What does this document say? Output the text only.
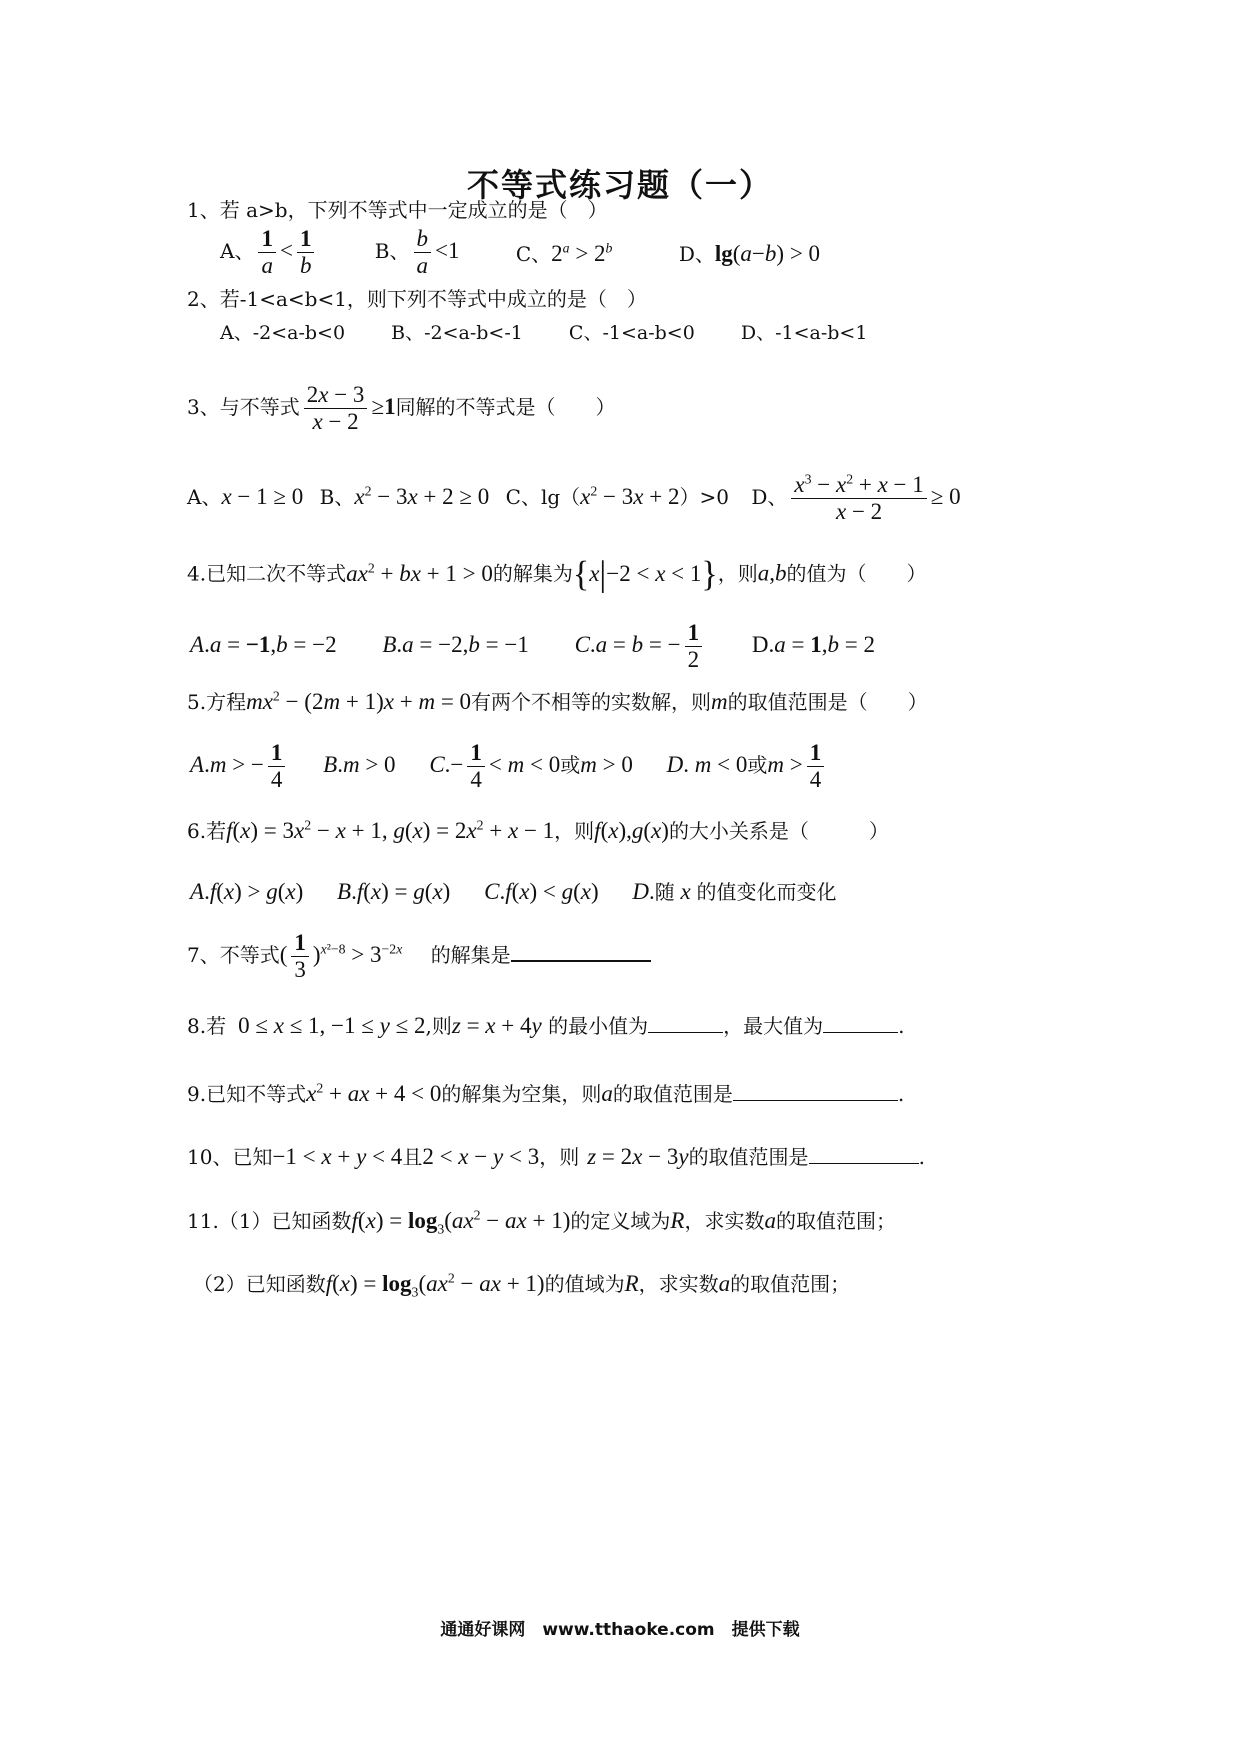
不等式练习题（一）
1、若 a>b，下列不等式中一定成立的是（　）
A、 $\frac{1}{a} < \frac{1}{b}$	B、 $\frac{b}{a} <1$	C、$2^a > 2^b$	D、lg(a−b) > 0
2、若-1<a<b<1，则下列不等式中成立的是（　）
A、-2<a-b<0 B、-2<a-b<-1 C、-1<a-b<0 D、-1<a-b<1
3、与不等式 $\frac{2x - 3}{x - 2} \ge 1$同解的不等式是（　　）
A、x − 1 ≥ 0 B、$x^2 - 3x + 2 \ge 0$ C、$\lg(x^2 - 3x + 2)>0$ D、 $\frac{x^3 - x^2 + x - 1}{x - 2} \ge 0$
4.已知二次不等式$ax^2$ + bx + 1 > 0的解集为{x|−2 < x < 1}，则a,b的值为（　　）
A.a = −1,b = −2 B.a = −2,b = −1 C.a = b = − $\frac{1}{2} D.a = 1,b = 2$
5.方程$mx^2 - (2m + 1)x + m = 0$有两个不相等的实数解，则m的取值范围是（　　）
A.m > − $\frac{1}{4} B.m > 0$ $C.- \frac{1}{4} < m < 0$或m > 0 D. m < 0或$m > \frac{1}{4}$
6.若$f(x) = 3x^2 - x + 1$, $g(x) = 2x^2 + x - 1$，则f(x),g(x)的大小关系是（　　　）
A.f(x) > g(x) B.f(x) = g(x) C.f(x) < g(x) D.随 x 的值变化而变化
7、不等式( $\frac{1}{3} )^{x^2-8} > 3^{-2x}$ 的解集是
8.若 0 ≤ x ≤ 1, −1 ≤ y ≤ 2,则z = x + 4y 的最小值为	，最大值为	.
9.已知不等式$x^2$ + ax + 4 < 0的解集为空集，则a的取值范围是	.
10、已知−1 < x + y < 4且2 < x − y < 3，则 z = 2x − 3y的取值范围是	.
11.（1）已知函数$f(x) = \log_3(ax^2$ − ax + 1)的定义域为R，求实数a的取值范围；
（2）已知函数$f(x) = \log_3(ax^2$ − ax + 1)的值域为R，求实数a的取值范围；
通通好课网　www.tthaoke.com　提供下载
